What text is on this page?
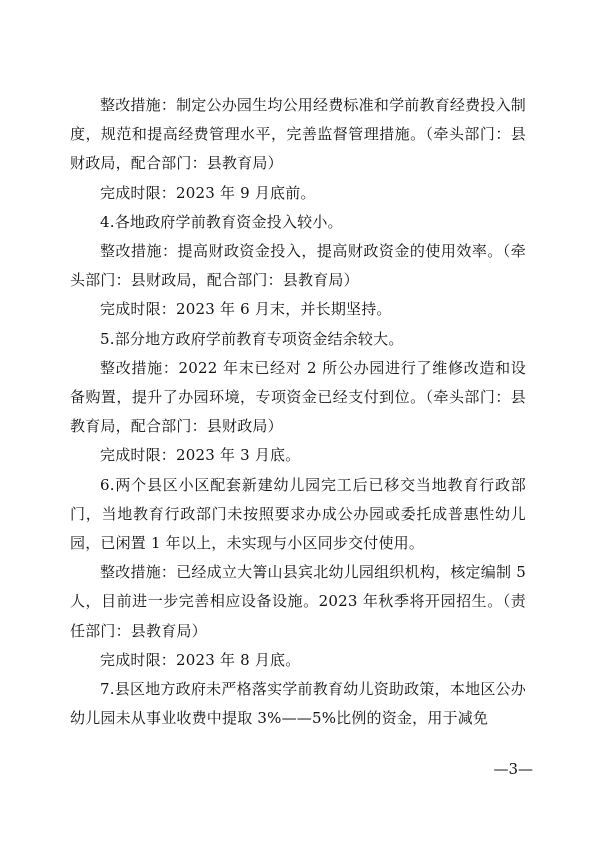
整改措施：制定公办园生均公用经费标准和学前教育经费投入制度，规范和提高经费管理水平，完善监督管理措施。（牵头部门：县财政局，配合部门：县教育局）

完成时限：2023 年 9 月底前。

4.各地政府学前教育资金投入较小。

整改措施：提高财政资金投入，提高财政资金的使用效率。（牵头部门：县财政局，配合部门：县教育局）

完成时限：2023 年 6 月末，并长期坚持。

5.部分地方政府学前教育专项资金结余较大。

整改措施：2022 年末已经对 2 所公办园进行了维修改造和设备购置，提升了办园环境，专项资金已经支付到位。（牵头部门：县教育局，配合部门：县财政局）

完成时限：2023 年 3 月底。

6.两个县区小区配套新建幼儿园完工后已移交当地教育行政部门，当地教育行政部门未按照要求办成公办园或委托成普惠性幼儿园，已闲置 1 年以上，未实现与小区同步交付使用。

整改措施：已经成立大箐山县宾北幼儿园组织机构，核定编制 5 人，目前进一步完善相应设备设施。2023 年秋季将开园招生。（责任部门：县教育局）

完成时限：2023 年 8 月底。

7.县区地方政府未严格落实学前教育幼儿资助政策，本地区公办幼儿园未从事业收费中提取 3%——5%比例的资金，用于减免

—3—
